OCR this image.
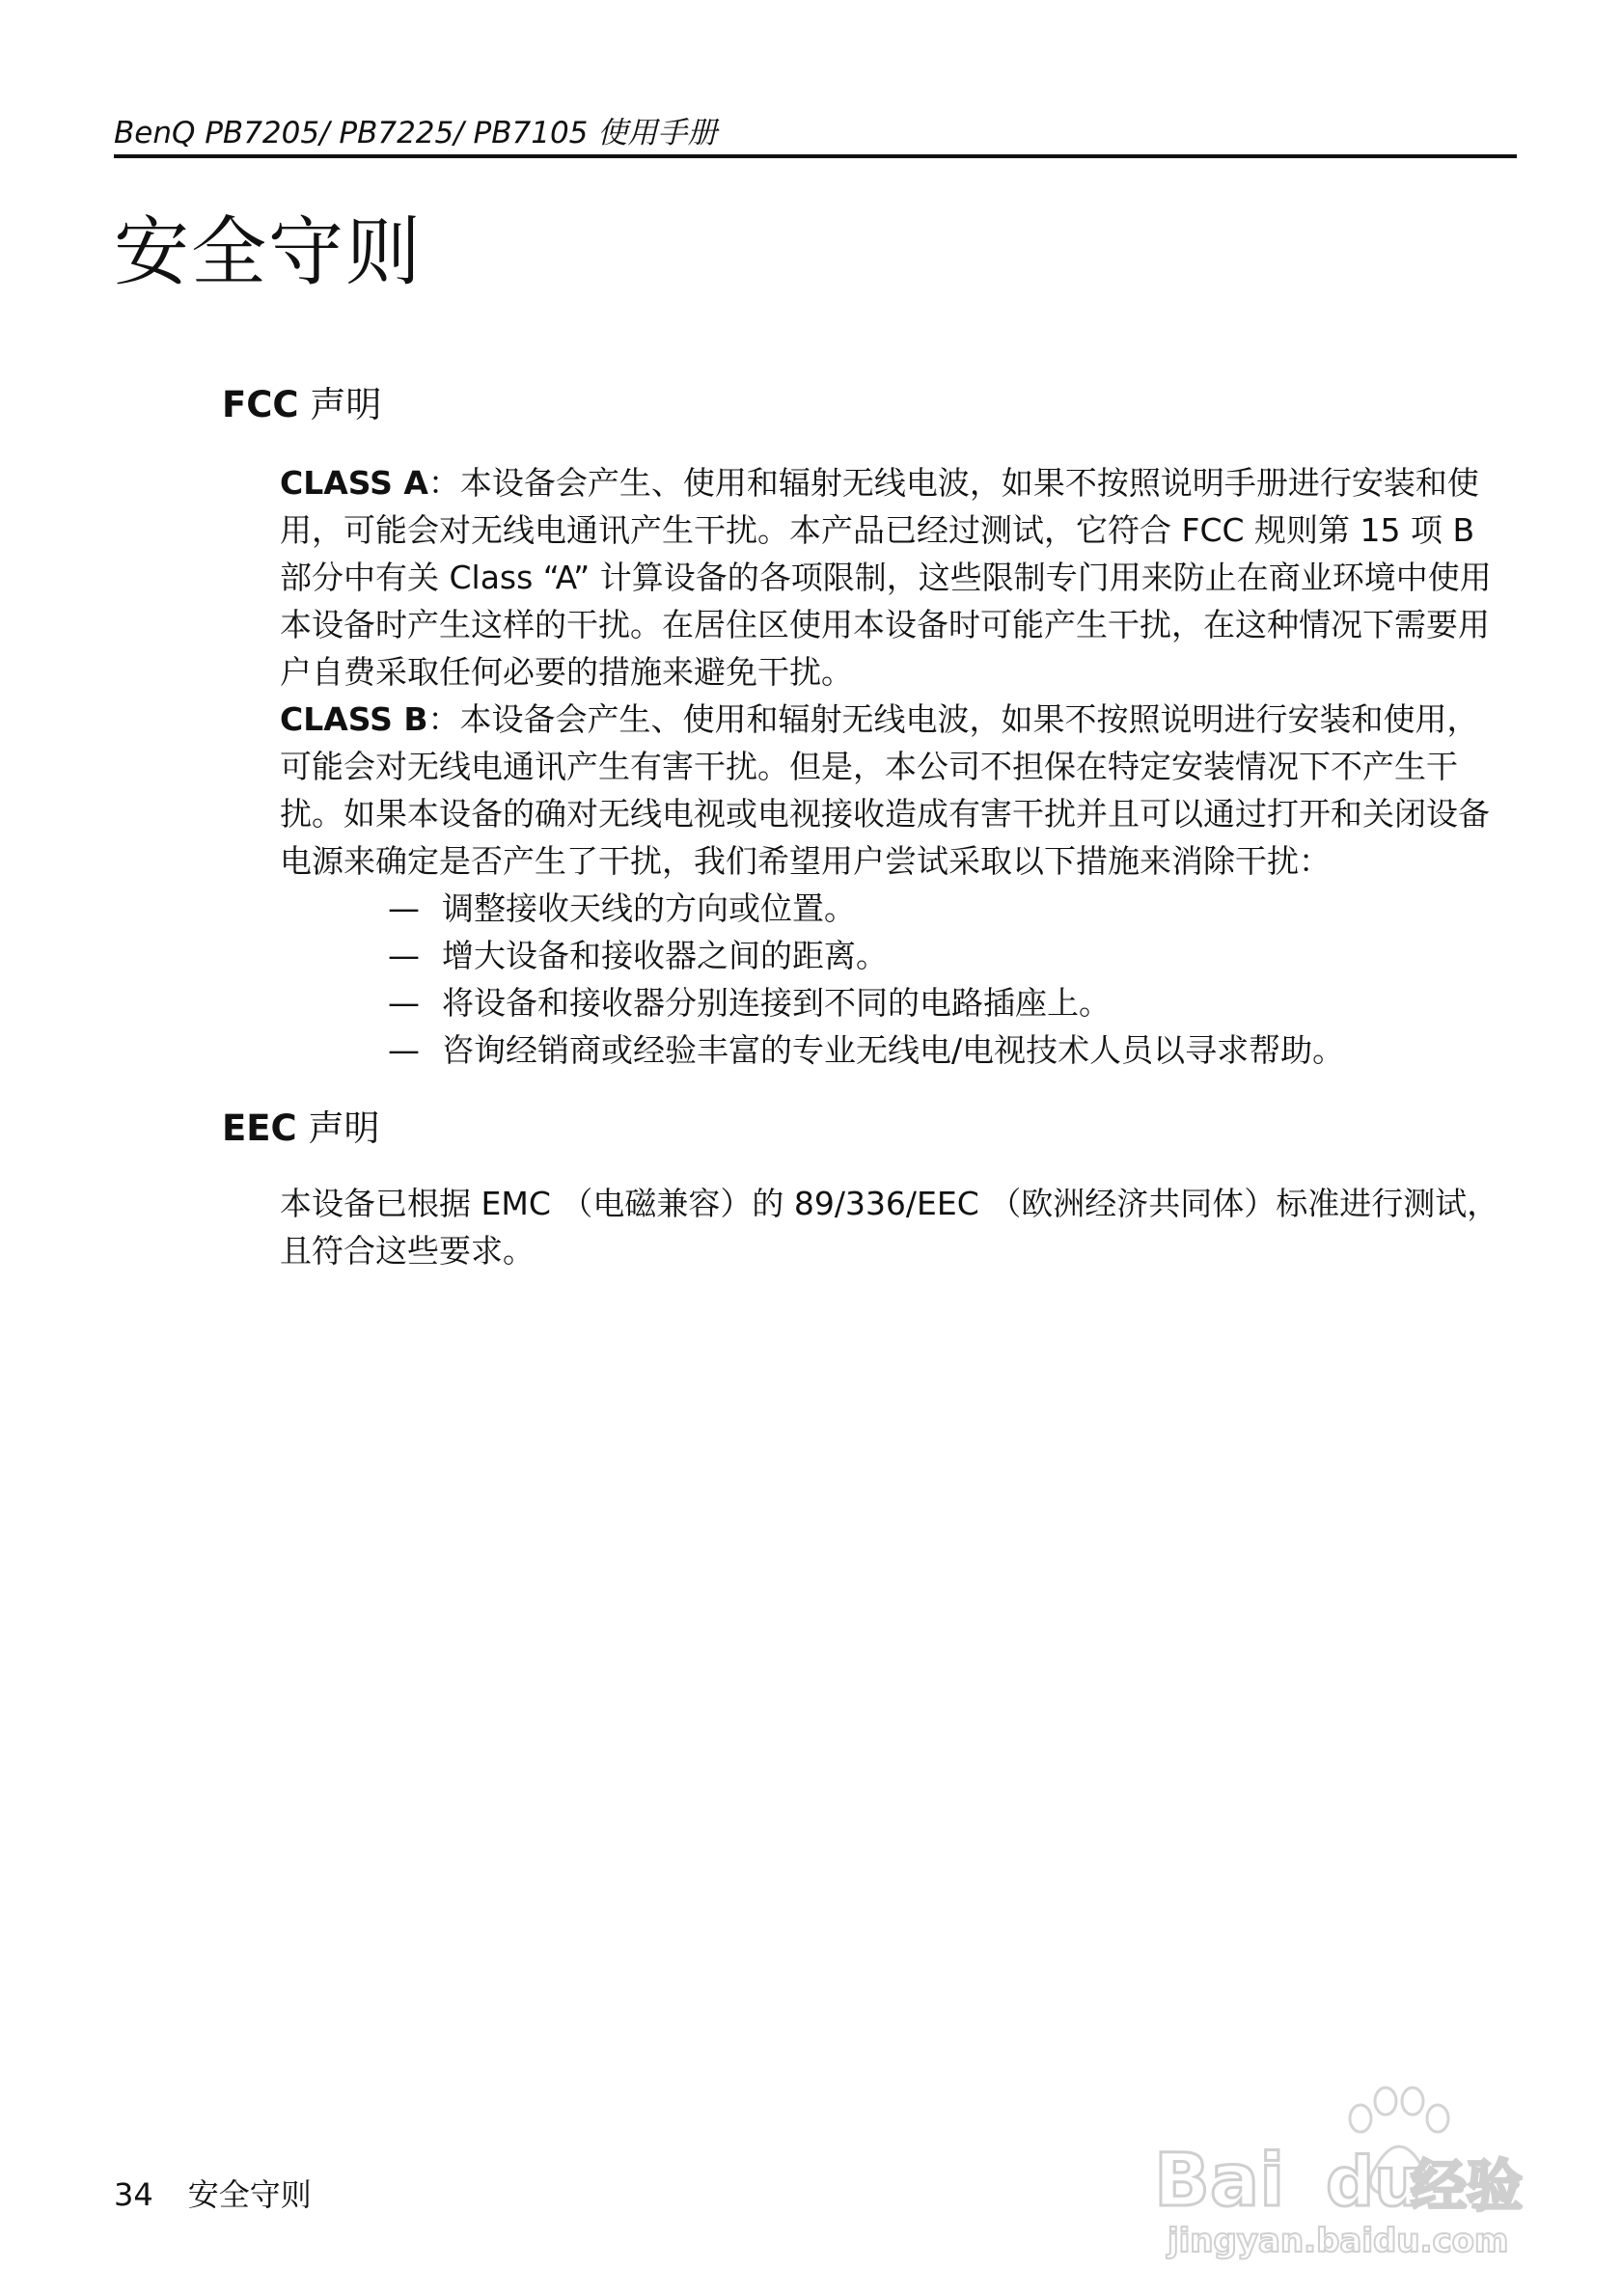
BenQ PB7205/ PB7225/ PB7105 使用手册
安全守则
FCC 声明

CLASS A：本设备会产生、使用和辐射无线电波，如果不按照说明手册进行安装和使用，可能会对无线电通讯产生干扰。本产品已经过测试，它符合 FCC 规则第 15 项 B 部分中有关 Class “A” 计算设备的各项限制，这些限制专门用来防止在商业环境中使用本设备时产生这样的干扰。在居住区使用本设备时可能产生干扰，在这种情况下需要用户自费采取任何必要的措施来避免干扰。

CLASS B：本设备会产生、使用和辐射无线电波，如果不按照说明进行安装和使用，可能会对无线电通讯产生有害干扰。但是，本公司不担保在特定安装情况下不产生干扰。如果本设备的确对无线电视或电视接收造成有害干扰并且可以通过打开和关闭设备电源来确定是否产生了干扰，我们希望用户尝试采取以下措施来消除干扰：

— 调整接收天线的方向或位置。
— 增大设备和接收器之间的距离。
— 将设备和接收器分别连接到不同的电路插座上。
— 咨询经销商或经验丰富的专业无线电/电视技术人员以寻求帮助。
EEC 声明

本设备已根据 EMC （电磁兼容）的 89/336/EEC （欧洲经济共同体）标准进行测试，且符合这些要求。

34 安全守则	Bai du
经验
jingyan.baidu.com
